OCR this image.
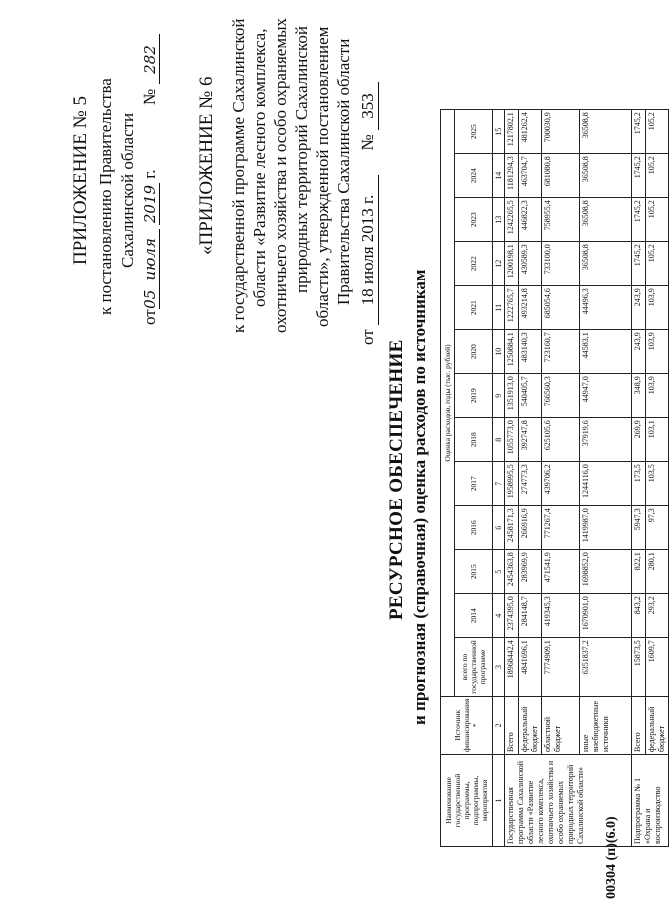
ПРИЛОЖЕНИЕ № 5 к постановлению Правительства Сахалинской области
от05июля 2019 г.  № 282
«ПРИЛОЖЕНИЕ № 6 к государственной программе Сахалинской области «Развитие лесного комплекса, охотничьего хозяйства и особо охраняемых природных территорий Сахалинской области», утвержденной постановлением Правительства Сахалинской области
от 18 июля 2013 г.  № 353
РЕСУРСНОЕ ОБЕСПЕЧЕНИЕ и прогнозная (справочная) оценка расходов по источникам
Наименование государственной программы, подпрограммы, мероприятия	Источник финансирования *	Оценка расходов, годы (тыс. рублей)												
		всего по государственной программе	2014	2015	2016	2017	2018	2019	2020	2021	2022	2023	2024	2025
1	2	3	4	5	6	7	8	9	10	11	12	13	14	15
Государственная программа Сахалинской области «Развитие лесного комплекса, охотничьего хозяйства и особо охраняемых природных территорий Сахалинской области»	Всего	18968442,4	2374395,0	2454363,8	2458171,3	1958995,5	1055773,0	1351913,0	1250884,1	1222765,7	1200198,1	1242265,5	1181294,3	1217802,1
	федеральный бюджет	4841696,1	284148,7	283969,9	266916,9	274773,3	392747,8	540405,7	483140,3	493214,8	430589,3	446822,3	463704,7	481262,4
	областной бюджет	7774909,1	419345,3	471541,9	771267,4	439706,2	625105,6	766560,3	723160,7	685054,6	733100,0	758955,4	681080,8	700030,9
	иные внебюджетные источники	6351837,2	1670901,0	1698852,0	1419987,0	1244116,0	37919,6	44947,0	44583,1	44496,3	36508,8	36508,8	36508,8	36508,8
Подпрограмма № 1 «Охрана и воспроизводство	Всего	15873,5	843,2	822,1	5947,3	173,5	269,9	348,9	243,9	243,9	1745,2	1745,2	1745,2	1745,2
	федеральный бюджет	1609,7	293,2	280,1	97,3	103,5	103,1	103,9	103,9	103,9	105,2	105,2	105,2	105,2
00304 (п)(6.0)
